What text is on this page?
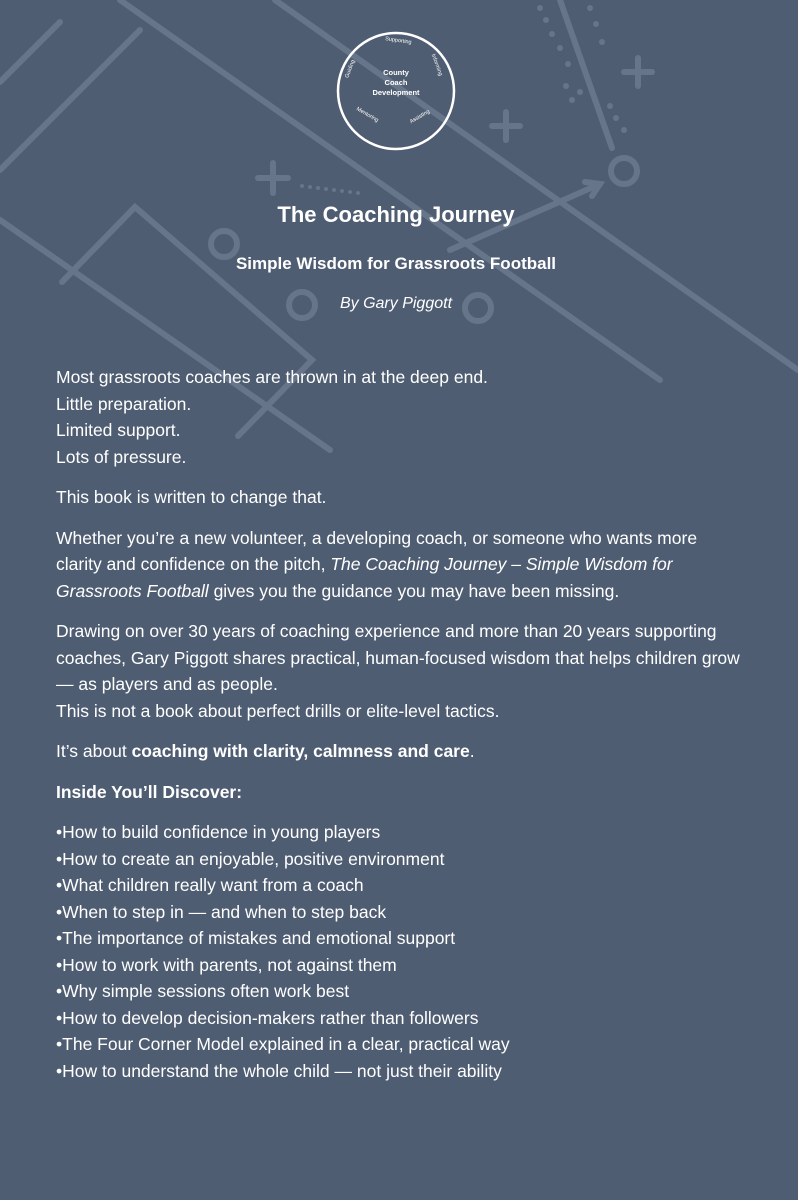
Supporting
Informing
Assisting
Mentoring
Guiding	County
Coach
Development
The Coaching Journey
Simple Wisdom for Grassroots Football

By Gary Piggott

Most grassroots coaches are thrown in at the deep end.
Little preparation.
Limited support.
Lots of pressure.

This book is written to change that.

Whether you’re a new volunteer, a developing coach, or someone who wants more clarity and confidence on the pitch, The Coaching Journey – Simple Wisdom for Grassroots Football gives you the guidance you may have been missing.

Drawing on over 30 years of coaching experience and more than 20 years supporting coaches, Gary Piggott shares practical, human-focused wisdom that helps children grow — as players and as people.
This is not a book about perfect drills or elite-level tactics.

It’s about coaching with clarity, calmness and care.

Inside You’ll Discover:

• How to build confidence in young players
• How to create an enjoyable, positive environment
• What children really want from a coach
• When to step in — and when to step back
• The importance of mistakes and emotional support
• How to work with parents, not against them
• Why simple sessions often work best
• How to develop decision-makers rather than followers
• The Four Corner Model explained in a clear, practical way
• How to understand the whole child — not just their ability
